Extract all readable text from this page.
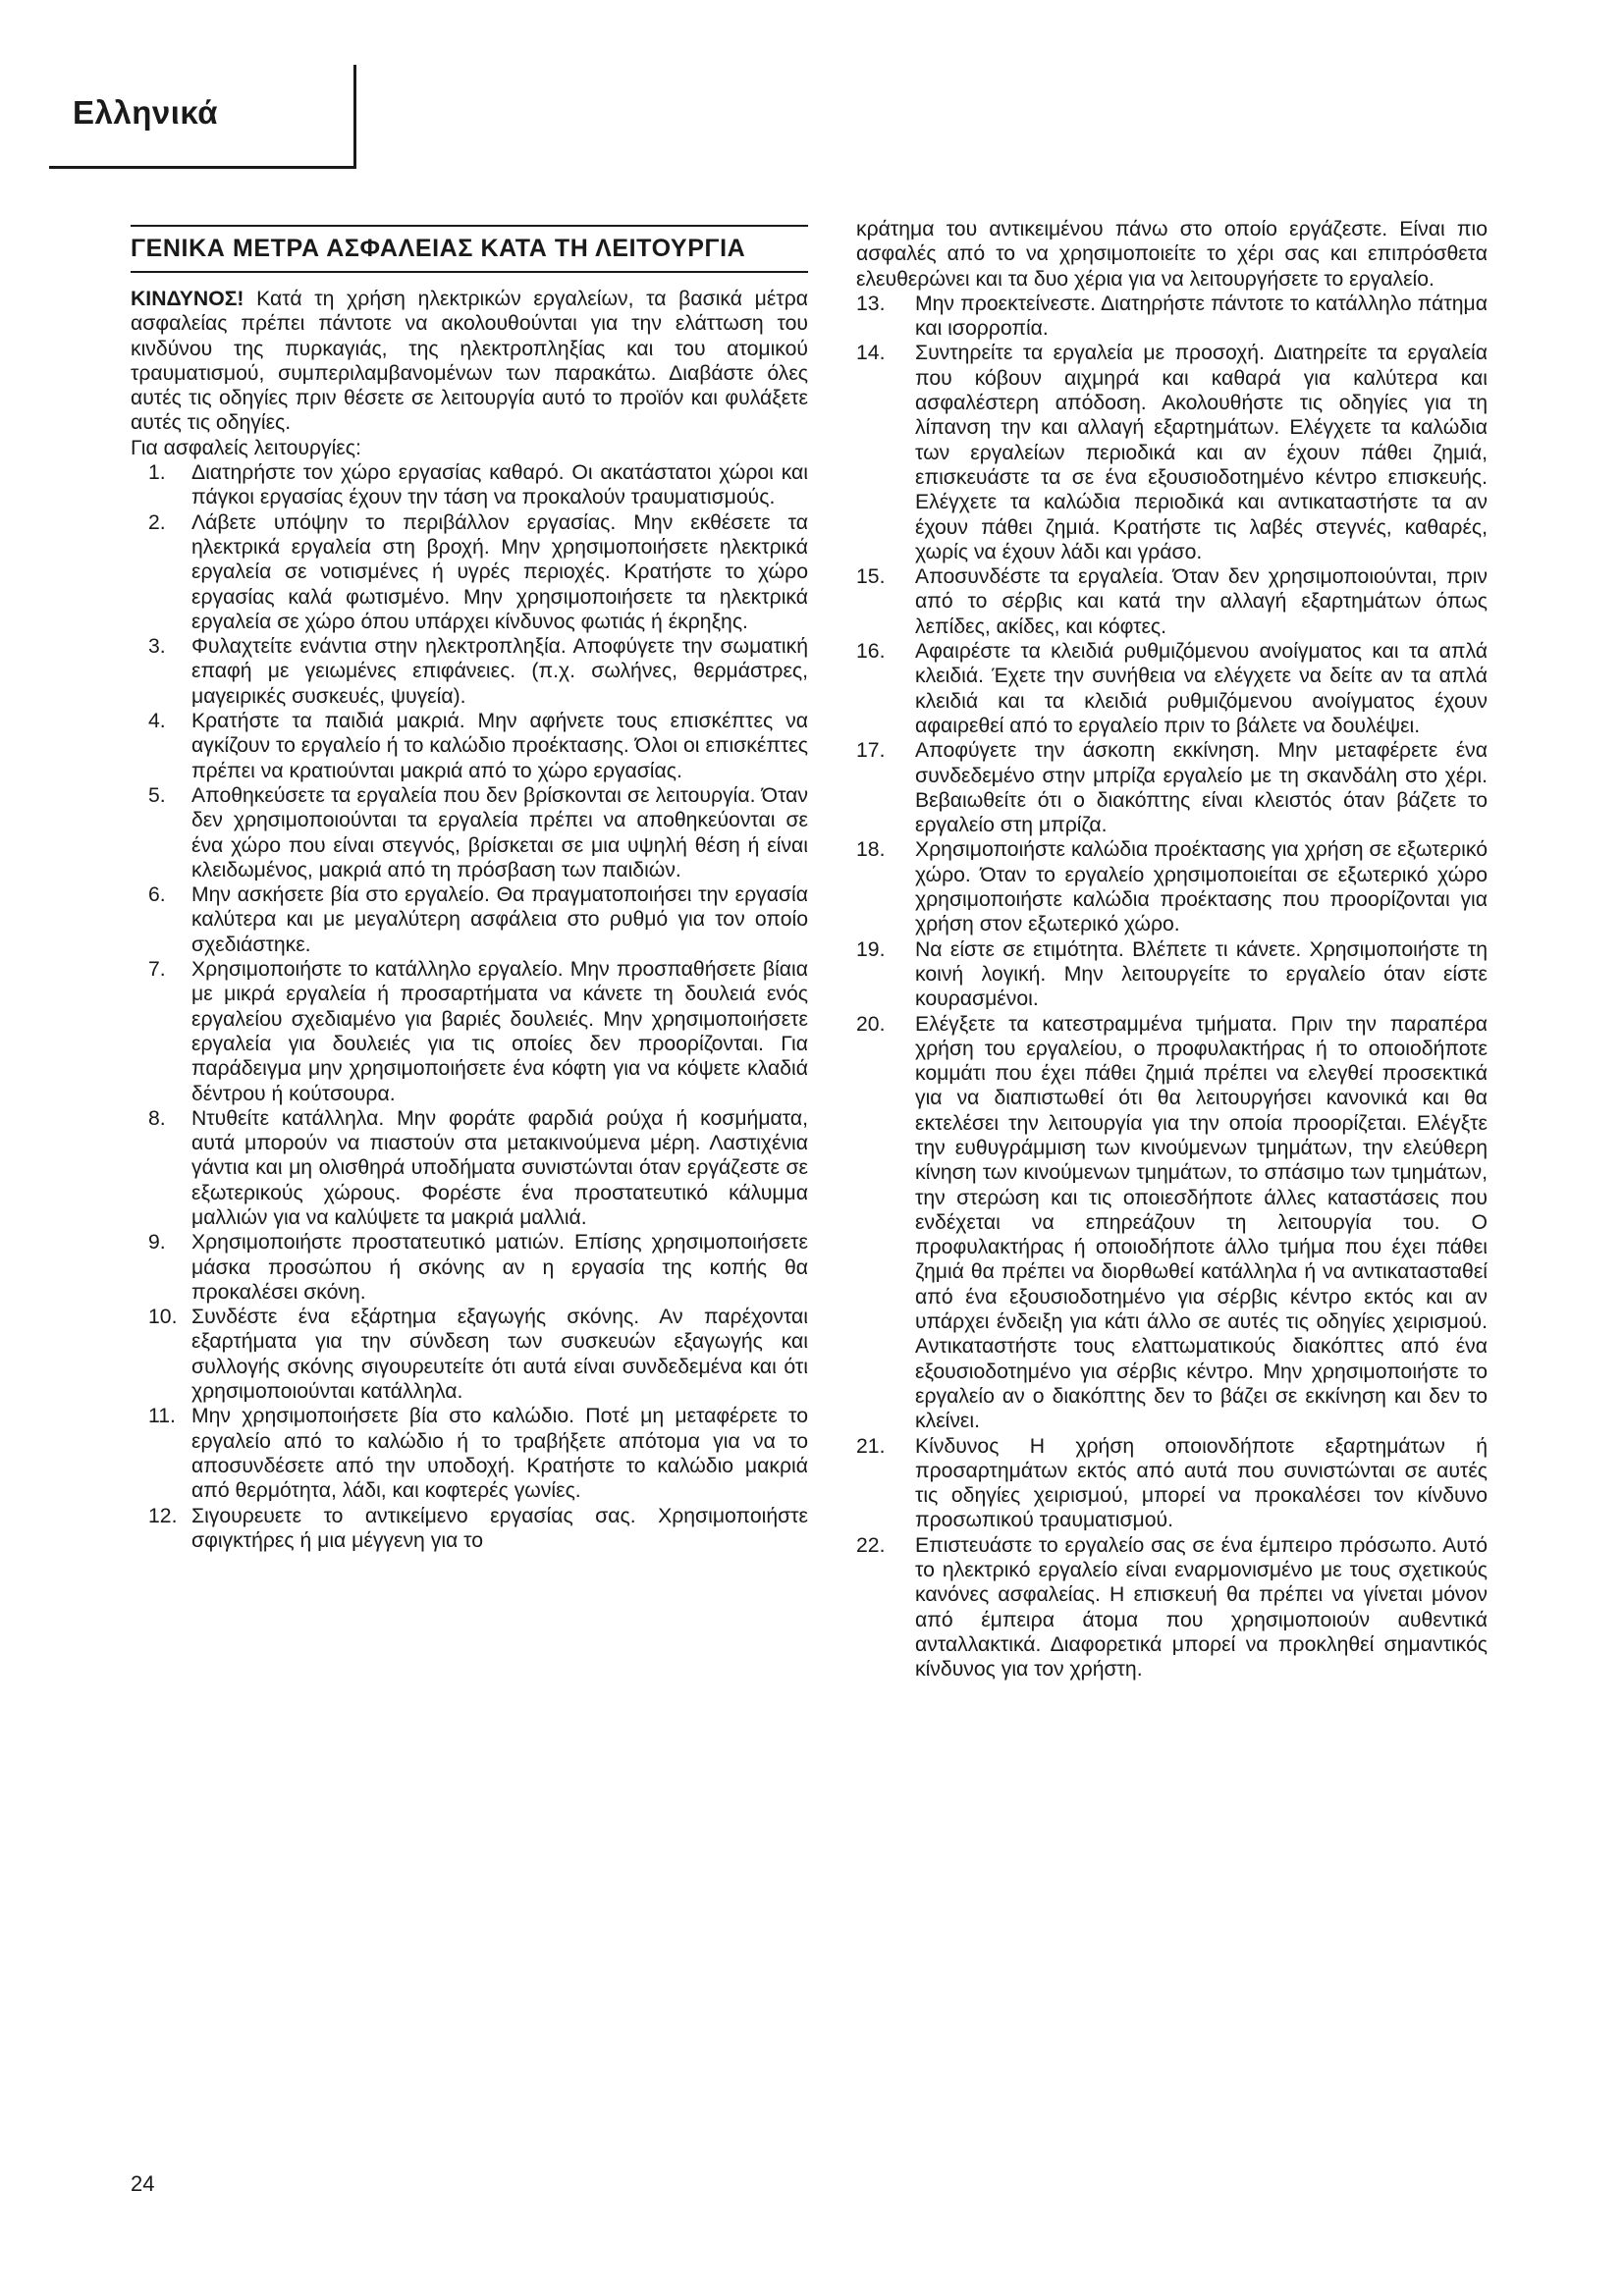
Ελληνικά
ΓΕΝΙΚΑ ΜΕΤΡΑ ΑΣΦΑΛΕΙΑΣ ΚΑΤΑ ΤΗ ΛΕΙΤΟΥΡΓΙΑ

ΚΙΝΔΥΝΟΣ! Κατά τη χρήση ηλεκτρικών εργαλείων, τα βασικά μέτρα ασφαλείας πρέπει πάντοτε να ακολουθούνται για την ελάττωση του κινδύνου της πυρκαγιάς, της ηλεκτροπληξίας και του ατομικού τραυματισμού, συμπεριλαμβανομένων των παρακάτω. Διαβάστε όλες αυτές τις οδηγίες πριν θέσετε σε λειτουργία αυτό το προϊόν και φυλάξετε αυτές τις οδηγίες.

Για ασφαλείς λειτουργίες:

1.	Διατηρήστε τον χώρο εργασίας καθαρό. Οι ακατάστατοι χώροι και πάγκοι εργασίας έχουν την τάση να προκαλούν τραυματισμούς.
2.	Λάβετε υπόψην το περιβάλλον εργασίας. Μην εκθέσετε τα ηλεκτρικά εργαλεία στη βροχή. Μην χρησιμοποιήσετε ηλεκτρικά εργαλεία σε νοτισμένες ή υγρές περιοχές. Κρατήστε το χώρο εργασίας καλά φωτισμένο. Μην χρησιμοποιήσετε τα ηλεκτρικά εργαλεία σε χώρο όπου υπάρχει κίνδυνος φωτιάς ή έκρηξης.
3.	Φυλαχτείτε ενάντια στην ηλεκτροπληξία. Αποφύγετε την σωματική επαφή με γειωμένες επιφάνειες. (π.χ. σωλήνες, θερμάστρες, μαγειρικές συσκευές, ψυγεία).
4.	Κρατήστε τα παιδιά μακριά. Μην αφήνετε τους επισκέπτες να αγκίζουν το εργαλείο ή το καλώδιο προέκτασης. Όλοι οι επισκέπτες πρέπει να κρατιούνται μακριά από το χώρο εργασίας.
5.	Αποθηκεύσετε τα εργαλεία που δεν βρίσκονται σε λειτουργία. Όταν δεν χρησιμοποιούνται τα εργαλεία πρέπει να αποθηκεύονται σε ένα χώρο που είναι στεγνός, βρίσκεται σε μια υψηλή θέση ή είναι κλειδωμένος, μακριά από τη πρόσβαση των παιδιών.
6.	Μην ασκήσετε βία στο εργαλείο. Θα πραγματοποιήσει την εργασία καλύτερα και με μεγαλύτερη ασφάλεια στο ρυθμό για τον οποίο σχεδιάστηκε.
7.	Χρησιμοποιήστε το κατάλληλο εργαλείο. Μην προσπαθήσετε βίαια με μικρά εργαλεία ή προσαρτήματα να κάνετε τη δουλειά ενός εργαλείου σχεδιαμένο για βαριές δουλειές. Μην χρησιμοποιήσετε εργαλεία για δουλειές για τις οποίες δεν προορίζονται. Για παράδειγμα μην χρησιμοποιήσετε ένα κόφτη για να κόψετε κλαδιά δέντρου ή κούτσουρα.
8.	Ντυθείτε κατάλληλα. Μην φοράτε φαρδιά ρούχα ή κοσμήματα, αυτά μπορούν να πιαστούν στα μετακινούμενα μέρη. Λαστιχένια γάντια και μη ολισθηρά υποδήματα συνιστώνται όταν εργάζεστε σε εξωτερικούς χώρους. Φορέστε ένα προστατευτικό κάλυμμα μαλλιών για να καλύψετε τα μακριά μαλλιά.
9.	Χρησιμοποιήστε προστατευτικό ματιών. Επίσης χρησιμοποιήσετε μάσκα προσώπου ή σκόνης αν η εργασία της κοπής θα προκαλέσει σκόνη.
10. Συνδέστε ένα εξάρτημα εξαγωγής σκόνης. Αν παρέχονται εξαρτήματα για την σύνδεση των συσκευών εξαγωγής και συλλογής σκόνης σιγουρευτείτε ότι αυτά είναι συνδεδεμένα και ότι χρησιμοποιούνται κατάλληλα.
11. Μην χρησιμοποιήσετε βία στο καλώδιο. Ποτέ μη μεταφέρετε το εργαλείο από το καλώδιο ή το τραβήξετε απότομα για να το αποσυνδέσετε από την υποδοχή. Κρατήστε το καλώδιο μακριά από θερμότητα, λάδι, και κοφτερές γωνίες.
12. Σιγουρευετε το αντικείμενο εργασίας σας. Χρησιμοποιήστε σφιγκτήρες ή μια μέγγενη για το
κράτημα του αντικειμένου πάνω στο οποίο εργάζεστε. Είναι πιο ασφαλές από το να χρησιμοποιείτε το χέρι σας και επιπρόσθετα ελευθερώνει και τα δυο χέρια για να λειτουργήσετε το εργαλείο.
13.	Μην προεκτείνεστε. Διατηρήστε πάντοτε το κατάλληλο πάτημα και ισορροπία.
14.	Συντηρείτε τα εργαλεία με προσοχή. Διατηρείτε τα εργαλεία που κόβουν αιχμηρά και καθαρά για καλύτερα και ασφαλέστερη απόδοση. Ακολουθήστε τις οδηγίες για τη λίπανση την και αλλαγή εξαρτημάτων. Ελέγχετε τα καλώδια των εργαλείων περιοδικά και αν έχουν πάθει ζημιά, επισκευάστε τα σε ένα εξουσιοδοτημένο κέντρο επισκευής. Ελέγχετε τα καλώδια περιοδικά και αντικαταστήστε τα αν έχουν πάθει ζημιά. Κρατήστε τις λαβές στεγνές, καθαρές, χωρίς να έχουν λάδι και γράσο.
15.	Αποσυνδέστε τα εργαλεία. Όταν δεν χρησιμοποιούνται, πριν από το σέρβις και κατά την αλλαγή εξαρτημάτων όπως λεπίδες, ακίδες, και κόφτες.
16.	Αφαιρέστε τα κλειδιά ρυθμιζόμενου ανοίγματος και τα απλά κλειδιά. Έχετε την συνήθεια να ελέγχετε να δείτε αν τα απλά κλειδιά και τα κλειδιά ρυθμιζόμενου ανοίγματος έχουν αφαιρεθεί από το εργαλείο πριν το βάλετε να δουλέψει.
17.	Αποφύγετε την άσκοπη εκκίνηση. Μην μεταφέρετε ένα συνδεδεμένο στην μπρίζα εργαλείο με τη σκανδάλη στο χέρι. Βεβαιωθείτε ότι ο διακόπτης είναι κλειστός όταν βάζετε το εργαλείο στη μπρίζα.
18.	Χρησιμοποιήστε καλώδια προέκτασης για χρήση σε εξωτερικό χώρο. Όταν το εργαλείο χρησιμοποιείται σε εξωτερικό χώρο χρησιμοποιήστε καλώδια προέκτασης που προορίζονται για χρήση στον εξωτερικό χώρο.
19.	Να είστε σε ετιμότητα. Βλέπετε τι κάνετε. Χρησιμοποιήστε τη κοινή λογική. Μην λειτουργείτε το εργαλείο όταν είστε κουρασμένοι.
20.	Ελέγξετε τα κατεστραμμένα τμήματα. Πριν την παραπέρα χρήση του εργαλείου, ο προφυλακτήρας ή το οποιοδήποτε κομμάτι που έχει πάθει ζημιά πρέπει να ελεγθεί προσεκτικά για να διαπιστωθεί ότι θα λειτουργήσει κανονικά και θα εκτελέσει την λειτουργία για την οποία προορίζεται. Ελέγξτε την ευθυγράμμιση των κινούμενων τμημάτων, την ελεύθερη κίνηση των κινούμενων τμημάτων, το σπάσιμο των τμημάτων, την στερώση και τις οποιεσδήποτε άλλες καταστάσεις που ενδέχεται να επηρεάζουν τη λειτουργία του. Ο προφυλακτήρας ή οποιοδήποτε άλλο τμήμα που έχει πάθει ζημιά θα πρέπει να διορθωθεί κατάλληλα ή να αντικατασταθεί από ένα εξουσιοδοτημένο για σέρβις κέντρο εκτός και αν υπάρχει ένδειξη για κάτι άλλο σε αυτές τις οδηγίες χειρισμού. Αντικαταστήστε τους ελαττωματικούς διακόπτες από ένα εξουσιοδοτημένο για σέρβις κέντρο. Μην χρησιμοποιήστε το εργαλείο αν ο διακόπτης δεν το βάζει σε εκκίνηση και δεν το κλείνει.
21.	Κίνδυνος Η χρήση οποιονδήποτε εξαρτημάτων ή προσαρτημάτων εκτός από αυτά που συνιστώνται σε αυτές τις οδηγίες χειρισμού, μπορεί να προκαλέσει τον κίνδυνο προσωπικού τραυματισμού.
22.	Επιστευάστε το εργαλείο σας σε ένα έμπειρο πρόσωπο. Αυτό το ηλεκτρικό εργαλείο είναι εναρμονισμένο με τους σχετικούς κανόνες ασφαλείας. Η επισκευή θα πρέπει να γίνεται μόνον από έμπειρα άτομα που χρησιμοποιούν αυθεντικά ανταλλακτικά. Διαφορετικά μπορεί να προκληθεί σημαντικός κίνδυνος για τον χρήστη.
24
